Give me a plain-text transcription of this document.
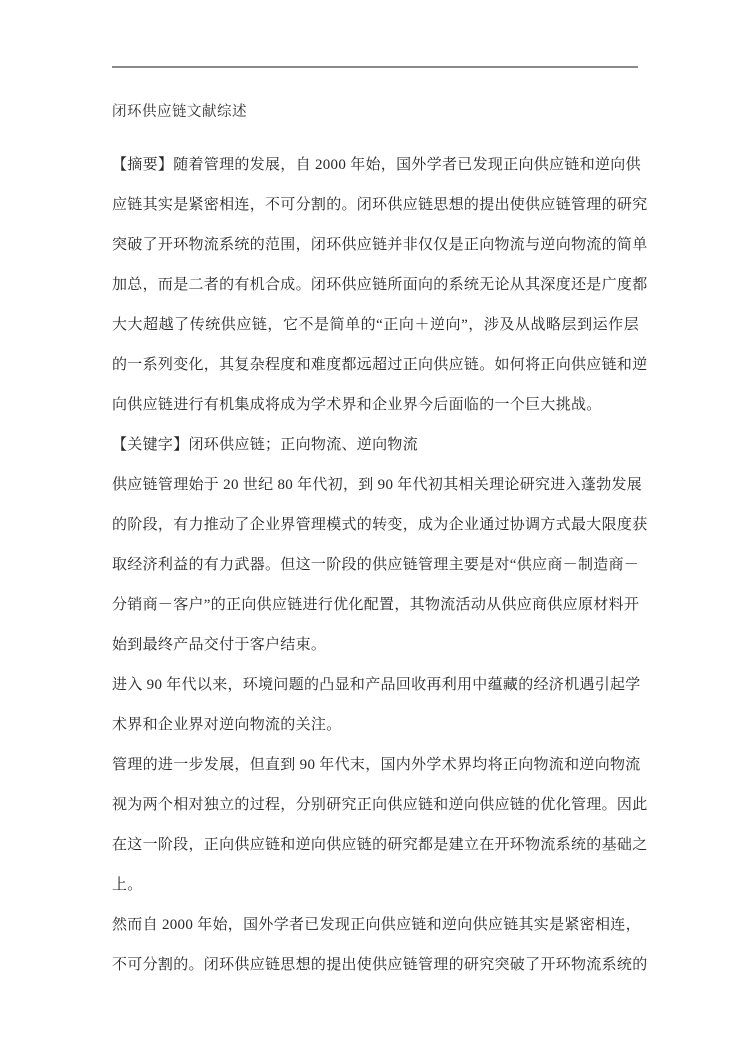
闭环供应链文献综述
【摘要】随着管理的发展，自 2000 年始，国外学者已发现正向供应链和逆向供
应链其实是紧密相连，不可分割的。闭环供应链思想的提出使供应链管理的研究
突破了开环物流系统的范围，闭环供应链并非仅仅是正向物流与逆向物流的简单
加总，而是二者的有机合成。闭环供应链所面向的系统无论从其深度还是广度都
大大超越了传统供应链，它不是简单的“正向＋逆向”，涉及从战略层到运作层
的一系列变化，其复杂程度和难度都远超过正向供应链。如何将正向供应链和逆
向供应链进行有机集成将成为学术界和企业界今后面临的一个巨大挑战。
【关键字】闭环供应链；正向物流、逆向物流
供应链管理始于 20 世纪 80 年代初，到 90 年代初其相关理论研究进入蓬勃发展
的阶段，有力推动了企业界管理模式的转变，成为企业通过协调方式最大限度获
取经济利益的有力武器。但这一阶段的供应链管理主要是对“供应商－制造商－
分销商－客户”的正向供应链进行优化配置，其物流活动从供应商供应原材料开
始到最终产品交付于客户结束。
进入 90 年代以来，环境问题的凸显和产品回收再利用中蕴藏的经济机遇引起学
术界和企业界对逆向物流的关注。
管理的进一步发展，但直到 90 年代末，国内外学术界均将正向物流和逆向物流
视为两个相对独立的过程，分别研究正向供应链和逆向供应链的优化管理。因此
在这一阶段，正向供应链和逆向供应链的研究都是建立在开环物流系统的基础之
上。
然而自 2000 年始，国外学者已发现正向供应链和逆向供应链其实是紧密相连，
不可分割的。闭环供应链思想的提出使供应链管理的研究突破了开环物流系统的
